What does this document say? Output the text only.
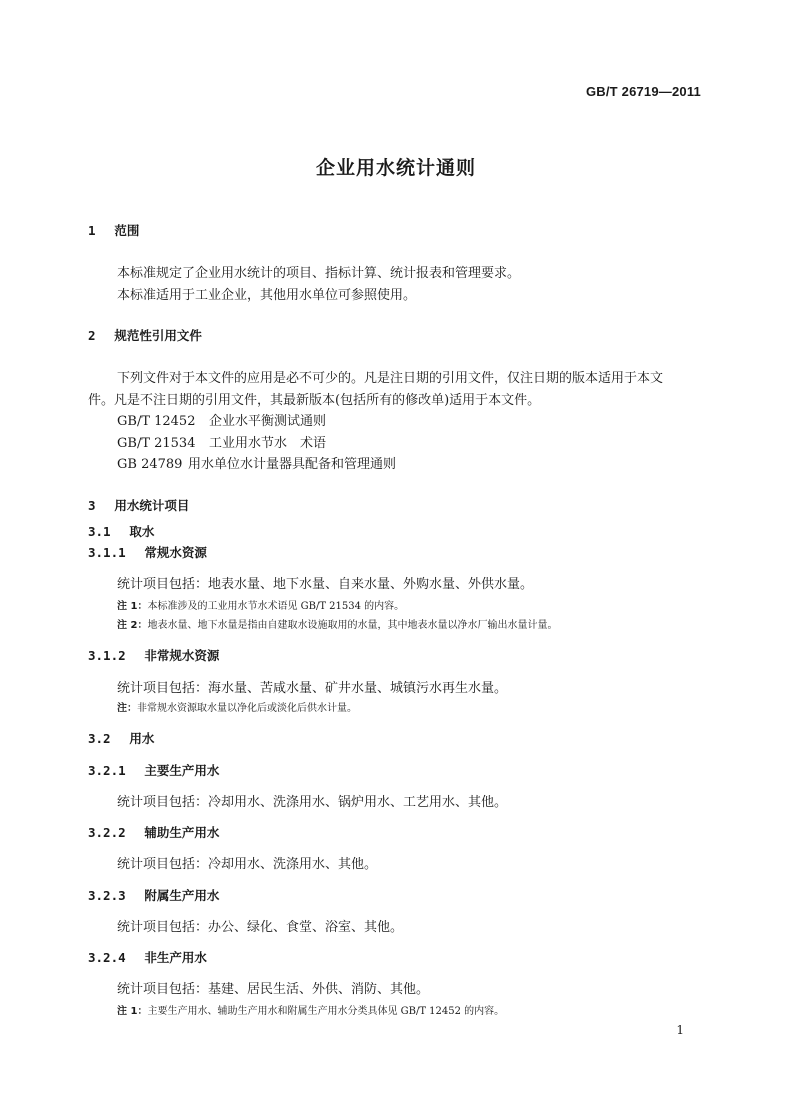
GB/T 26719—2011
企业用水统计通则
1 范围
本标准规定了企业用水统计的项目、指标计算、统计报表和管理要求。
本标准适用于工业企业，其他用水单位可参照使用。
2 规范性引用文件
下列文件对于本文件的应用是必不可少的。凡是注日期的引用文件，仅注日期的版本适用于本文
件。凡是不注日期的引用文件，其最新版本(包括所有的修改单)适用于本文件。
GB/T 12452 企业水平衡测试通则
GB/T 21534 工业用水节水　术语
GB 24789 用水单位水计量器具配备和管理通则
3 用水统计项目
3.1 取水
3.1.1 常规水资源
统计项目包括：地表水量、地下水量、自来水量、外购水量、外供水量。
注 1：本标准涉及的工业用水节水术语见 GB/T 21534 的内容。
注 2：地表水量、地下水量是指由自建取水设施取用的水量，其中地表水量以净水厂输出水量计量。
3.1.2 非常规水资源
统计项目包括：海水量、苦咸水量、矿井水量、城镇污水再生水量。
注：非常规水资源取水量以净化后或淡化后供水计量。
3.2 用水
3.2.1 主要生产用水
统计项目包括：冷却用水、洗涤用水、锅炉用水、工艺用水、其他。
3.2.2 辅助生产用水
统计项目包括：冷却用水、洗涤用水、其他。
3.2.3 附属生产用水
统计项目包括：办公、绿化、食堂、浴室、其他。
3.2.4 非生产用水
统计项目包括：基建、居民生活、外供、消防、其他。
注 1：主要生产用水、辅助生产用水和附属生产用水分类具体见 GB/T 12452 的内容。
1
